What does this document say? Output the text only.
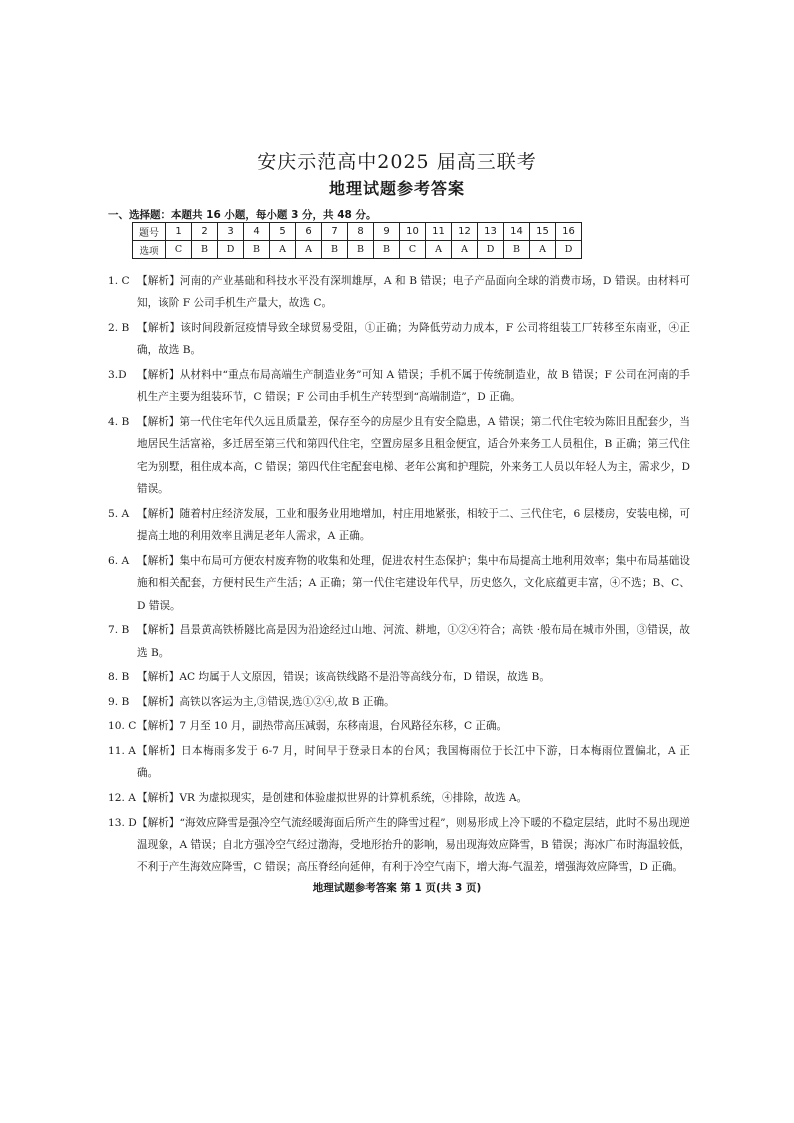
安庆示范高中2025 届高三联考
地理试题参考答案
一、选择题：本题共 16 小题，每小题 3 分，共 48 分。
题号	1	2	3	4	5	6	7	8	9	10	11	12	13	14	15	16
选项	C	B	D	B	A	A	B	B	B	C	A	A	D	B	A	D
1. C 【解析】河南的产业基础和科技水平没有深圳雄厚，A 和 B 错误；电子产品面向全球的消费市场，D 错误。由材料可知，该阶 F 公司手机生产量大，故选 C。
2. B 【解析】该时间段新冠疫情导致全球贸易受阻，①正确；为降低劳动力成本，F 公司将组装工厂转移至东南亚，④正确，故选 B。
3.D 【解析】从材料中“重点布局高端生产制造业务”可知 A 错误；手机不属于传统制造业，故 B 错误；F 公司在河南的手机生产主要为组装环节，C 错误；F 公司由手机生产转型到“高端制造”，D 正确。
4. B 【解析】第一代住宅年代久远且质量差，保存至今的房屋少且有安全隐患，A 错误；第二代住宅较为陈旧且配套少，当地居民生活富裕，多迁居至第三代和第四代住宅，空置房屋多且租金便宜，适合外来务工人员租住，B 正确；第三代住宅为别墅，租住成本高，C 错误；第四代住宅配套电梯、老年公寓和护理院，外来务工人员以年轻人为主，需求少，D 错误。
5. A 【解析】随着村庄经济发展，工业和服务业用地增加，村庄用地紧张，相较于二、三代住宅，6 层楼房，安装电梯，可提高土地的利用效率且满足老年人需求，A 正确。
6. A 【解析】集中布局可方便农村废弃物的收集和处理，促进农村生态保护；集中布局提高土地利用效率；集中布局基础设施和相关配套，方便村民生产生活；A 正确；第一代住宅建设年代早，历史悠久，文化底蕴更丰富，④不选；B、C、D 错误。
7. B 【解析】昌景黄高铁桥隧比高是因为沿途经过山地、河流、耕地，①②④符合；高铁 ·般布局在城市外围，③错误，故选 B。
8. B 【解析】AC 均属于人文原因，错误；该高铁线路不是沿等高线分布，D 错误，故选 B。
9. B 【解析】高铁以客运为主,③错误,选①②④,故 B 正确。
10. C 【解析】7 月至 10 月，副热带高压减弱，东移南退，台风路径东移，C 正确。
11. A 【解析】日本梅雨多发于 6-7 月，时间早于登录日本的台风；我国梅雨位于长江中下游，日本梅雨位置偏北，A 正确。
12. A 【解析】VR 为虚拟现实，是创建和体验虚拟世界的计算机系统，④排除，故选 A。
13. D 【解析】“海效应降雪是强冷空气流经暖海面后所产生的降雪过程”，则易形成上冷下暖的不稳定层结，此时不易出现逆温现象，A 错误；自北方强冷空气经过渤海，受地形抬升的影响，易出现海效应降雪，B 错误；海冰广布时海温较低，不利于产生海效应降雪，C 错误；高压脊经向延伸，有利于冷空气南下，增大海-气温差，增强海效应降雪，D 正确。
地理试题参考答案 第 1 页(共 3 页)
